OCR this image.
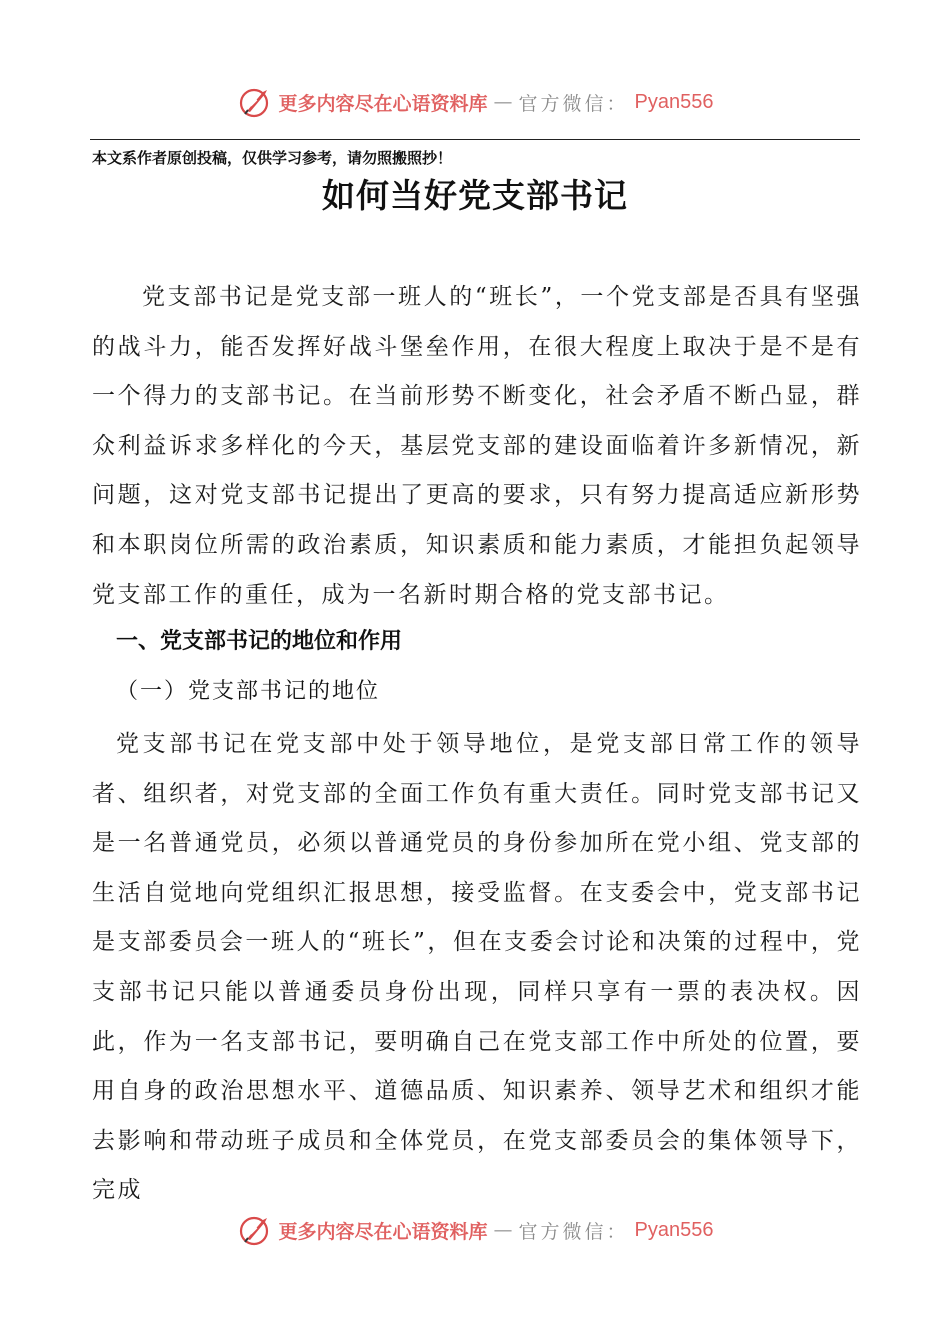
更多内容尽在心语资料库 — 官方微信： Pyan556
本文系作者原创投稿，仅供学习参考，请勿照搬照抄！
如何当好党支部书记
党支部书记是党支部一班人的“班长”，一个党支部是否具有坚强的战斗力，能否发挥好战斗堡垒作用，在很大程度上取决于是不是有一个得力的支部书记。在当前形势不断变化，社会矛盾不断凸显，群众利益诉求多样化的今天，基层党支部的建设面临着许多新情况，新问题，这对党支部书记提出了更高的要求，只有努力提高适应新形势和本职岗位所需的政治素质，知识素质和能力素质，才能担负起领导党支部工作的重任，成为一名新时期合格的党支部书记。
一、党支部书记的地位和作用
（一）党支部书记的地位
党支部书记在党支部中处于领导地位，是党支部日常工作的领导者、组织者，对党支部的全面工作负有重大责任。同时党支部书记又是一名普通党员，必须以普通党员的身份参加所在党小组、党支部的生活自觉地向党组织汇报思想，接受监督。在支委会中，党支部书记是支部委员会一班人的“班长”，但在支委会讨论和决策的过程中，党支部书记只能以普通委员身份出现，同样只享有一票的表决权。因此，作为一名支部书记，要明确自己在党支部工作中所处的位置，要用自身的政治思想水平、道德品质、知识素养、领导艺术和组织才能去影响和带动班子成员和全体党员，在党支部委员会的集体领导下，完成
更多内容尽在心语资料库 — 官方微信： Pyan556
